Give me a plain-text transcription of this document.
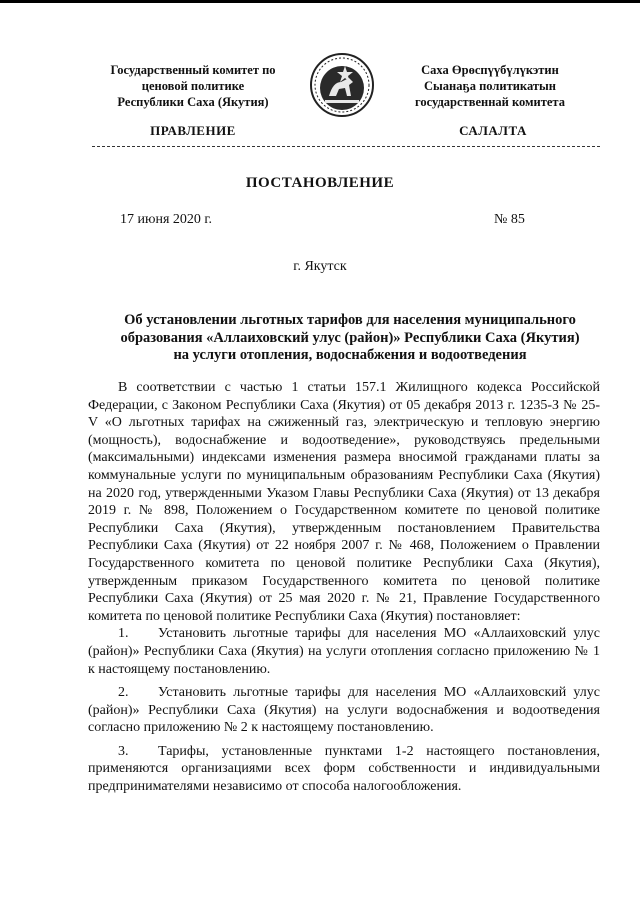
Государственный комитет по
ценовой политике
Республики Саха (Якутия)
Саха Өрөспүүбүлүкэтин
Сыанаҕа политикатын
государственнай комитета
ПРАВЛЕНИЕ	САЛАЛТА
ПОСТАНОВЛЕНИЕ
17 июня 2020 г.	№ 85
г. Якутск
Об установлении льготных тарифов для населения муниципального
образования «Аллаиховский улус (район)» Республики Саха (Якутия)
на услуги отопления, водоснабжения и водоотведения

В соответствии с частью 1 статьи 157.1 Жилищного кодекса Российской Федерации, с Законом Республики Саха (Якутия) от 05 декабря 2013 г. 1235-З № 25-V «О льготных тарифах на сжиженный газ, электрическую и тепловую энергию (мощность), водоснабжение и водоотведение», руководствуясь предельными (максимальными) индексами изменения размера вносимой гражданами платы за коммунальные услуги по муниципальным образованиям Республики Саха (Якутия) на 2020 год, утвержденными Указом Главы Республики Саха (Якутия) от 13 декабря 2019 г. № 898, Положением о Государственном комитете по ценовой политике Республики Саха (Якутия), утвержденным постановлением Правительства Республики Саха (Якутия) от 22 ноября 2007 г. № 468, Положением о Правлении Государственного комитета по ценовой политике Республики Саха (Якутия), утвержденным приказом Государственного комитета по ценовой политике Республики Саха (Якутия) от 25 мая 2020 г. № 21, Правление Государственного комитета по ценовой политике Республики Саха (Якутия) постановляет:

1. Установить льготные тарифы для населения МО «Аллаиховский улус (район)» Республики Саха (Якутия) на услуги отопления согласно приложению № 1 к настоящему постановлению.
2. Установить льготные тарифы для населения МО «Аллаиховский улус (район)» Республики Саха (Якутия) на услуги водоснабжения и водоотведения согласно приложению № 2 к настоящему постановлению.
3. Тарифы, установленные пунктами 1-2 настоящего постановления, применяются организациями всех форм собственности и индивидуальными предпринимателями независимо от способа налогообложения.
